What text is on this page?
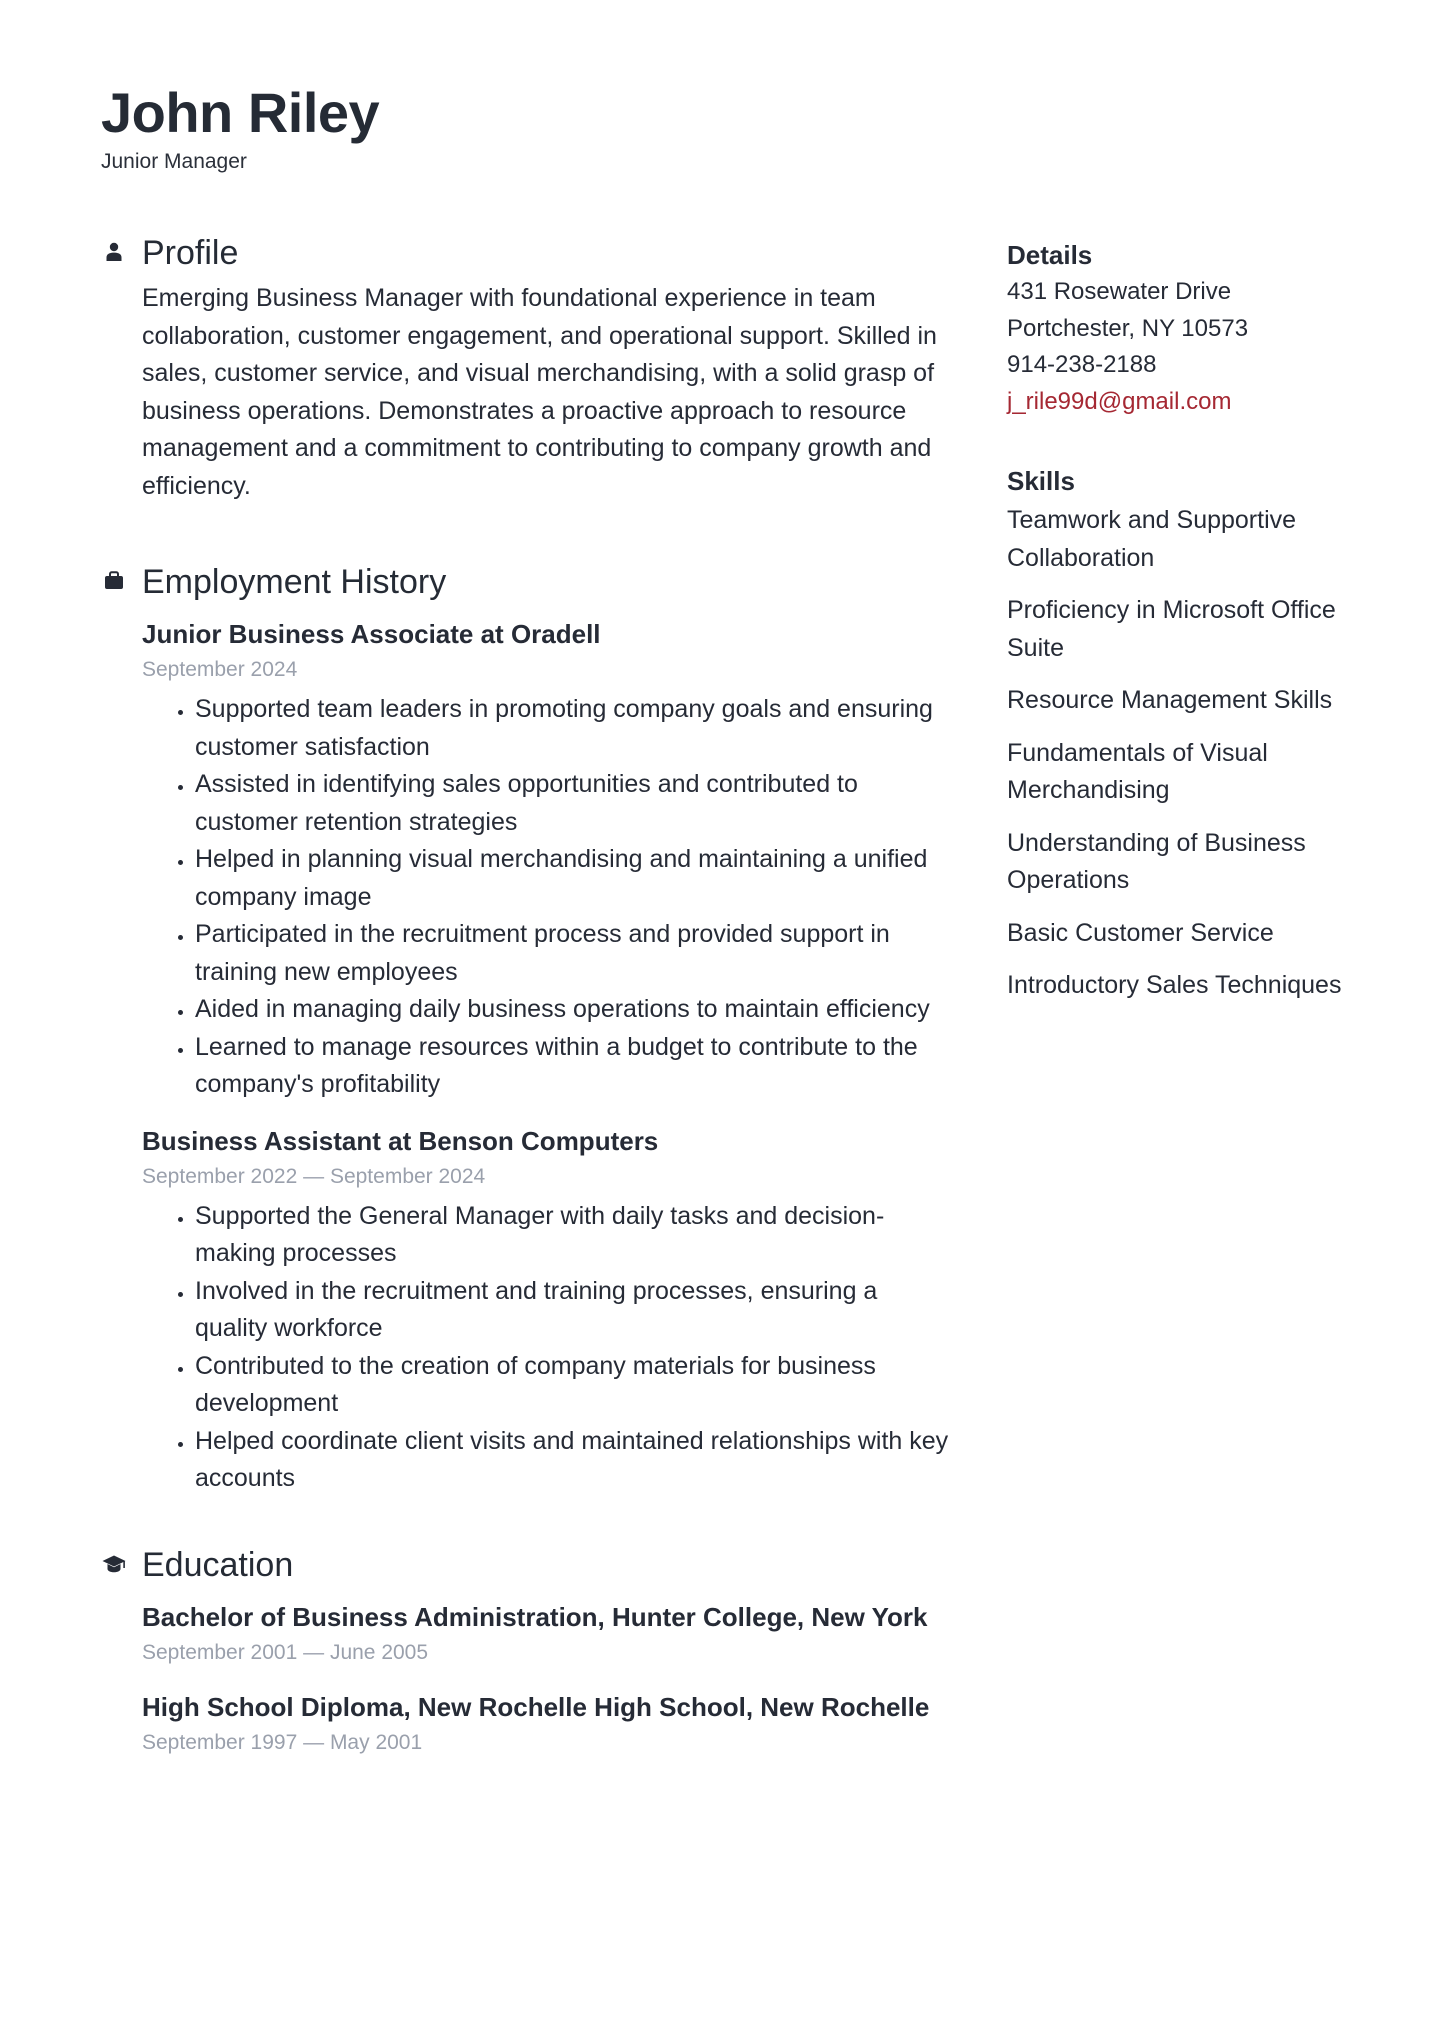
John Riley
Junior Manager
Profile
Emerging Business Manager with foundational experience in team collaboration, customer engagement, and operational support. Skilled in sales, customer service, and visual merchandising, with a solid grasp of business operations. Demonstrates a proactive approach to resource management and a commitment to contributing to company growth and efficiency.
Employment History
Junior Business Associate at Oradell
September 2024
• Supported team leaders in promoting company goals and ensuring customer satisfaction
• Assisted in identifying sales opportunities and contributed to customer retention strategies
• Helped in planning visual merchandising and maintaining a unified company image
• Participated in the recruitment process and provided support in training new employees
• Aided in managing daily business operations to maintain efficiency
• Learned to manage resources within a budget to contribute to the company's profitability
Business Assistant at Benson Computers
September 2022 — September 2024
• Supported the General Manager with daily tasks and decision-making processes
• Involved in the recruitment and training processes, ensuring a quality workforce
• Contributed to the creation of company materials for business development
• Helped coordinate client visits and maintained relationships with key accounts
Education
Bachelor of Business Administration, Hunter College, New York
September 2001 — June 2005
High School Diploma, New Rochelle High School, New Rochelle
September 1997 — May 2001
Details
431 Rosewater Drive
Portchester, NY 10573
914-238-2188
j_rile99d@gmail.com
Skills
Teamwork and Supportive Collaboration
Proficiency in Microsoft Office Suite
Resource Management Skills
Fundamentals of Visual Merchandising
Understanding of Business Operations
Basic Customer Service
Introductory Sales Techniques
